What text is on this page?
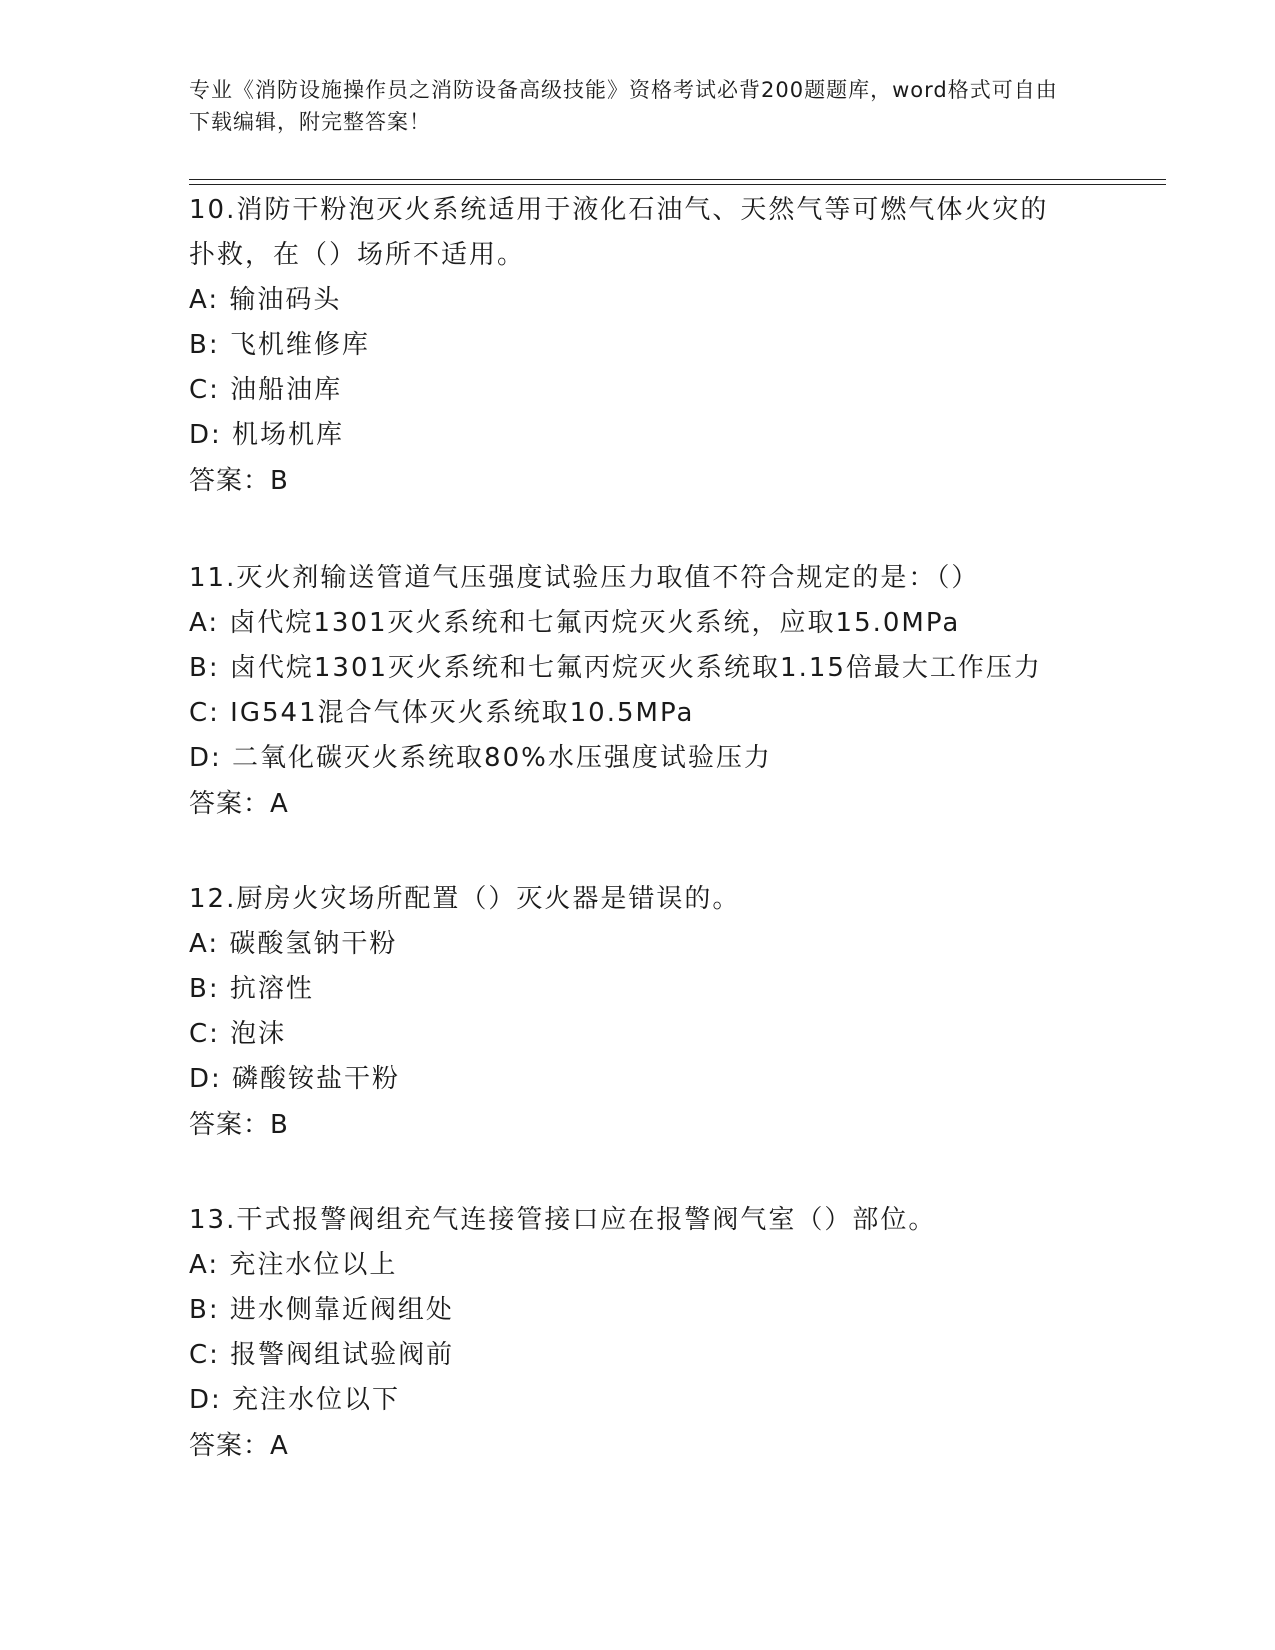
专业《消防设施操作员之消防设备高级技能》资格考试必背200题题库，word格式可自由下载编辑，附完整答案！
10.消防干粉泡灭火系统适用于液化石油气、天然气等可燃气体火灾的
扑救，在（）场所不适用。
A: 输油码头
B: 飞机维修库
C: 油船油库
D: 机场机库
答案：B
11.灭火剂输送管道气压强度试验压力取值不符合规定的是：（）
A: 卤代烷1301灭火系统和七氟丙烷灭火系统，应取15.0MPa
B: 卤代烷1301灭火系统和七氟丙烷灭火系统取1.15倍最大工作压力
C: IG541混合气体灭火系统取10.5MPa
D: 二氧化碳灭火系统取80%水压强度试验压力
答案：A
12.厨房火灾场所配置（）灭火器是错误的。
A: 碳酸氢钠干粉
B: 抗溶性
C: 泡沫
D: 磷酸铵盐干粉
答案：B
13.干式报警阀组充气连接管接口应在报警阀气室（）部位。
A: 充注水位以上
B: 进水侧靠近阀组处
C: 报警阀组试验阀前
D: 充注水位以下
答案：A
